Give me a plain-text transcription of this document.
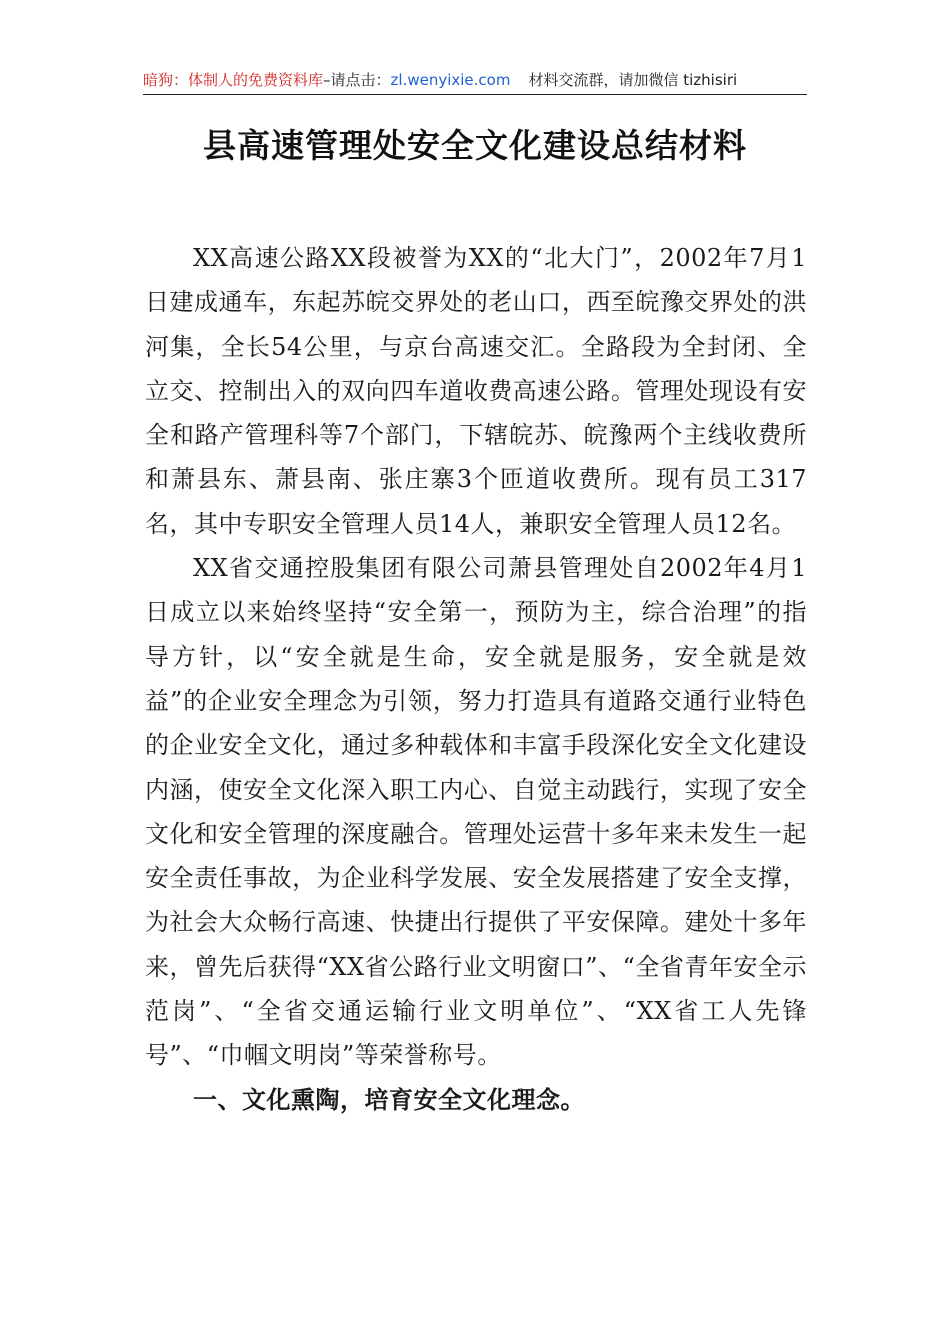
暗狗：体制人的免费资料库–请点击：zl.wenyixie.com 材料交流群，请加微信 tizhisiri
县高速管理处安全文化建设总结材料

XX高速公路XX段被誉为XX的“北大门”，2002年7月1日建成通车，东起苏皖交界处的老山口，西至皖豫交界处的洪河集，全长54公里，与京台高速交汇。全路段为全封闭、全立交、控制出入的双向四车道收费高速公路。管理处现设有安全和路产管理科等7个部门，下辖皖苏、皖豫两个主线收费所和萧县东、萧县南、张庄寨3个匝道收费所。现有员工317名，其中专职安全管理人员14人，兼职安全管理人员12名。

XX省交通控股集团有限公司萧县管理处自2002年4月1日成立以来始终坚持“安全第一，预防为主，综合治理”的指导方针，以“安全就是生命，安全就是服务，安全就是效益”的企业安全理念为引领，努力打造具有道路交通行业特色的企业安全文化，通过多种载体和丰富手段深化安全文化建设内涵，使安全文化深入职工内心、自觉主动践行，实现了安全文化和安全管理的深度融合。管理处运营十多年来未发生一起安全责任事故，为企业科学发展、安全发展搭建了安全支撑，为社会大众畅行高速、快捷出行提供了平安保障。建处十多年来，曾先后获得“XX省公路行业文明窗口”、“全省青年安全示范岗”、“全省交通运输行业文明单位”、“XX省工人先锋号”、“巾帼文明岗”等荣誉称号。

一、文化熏陶，培育安全文化理念。
